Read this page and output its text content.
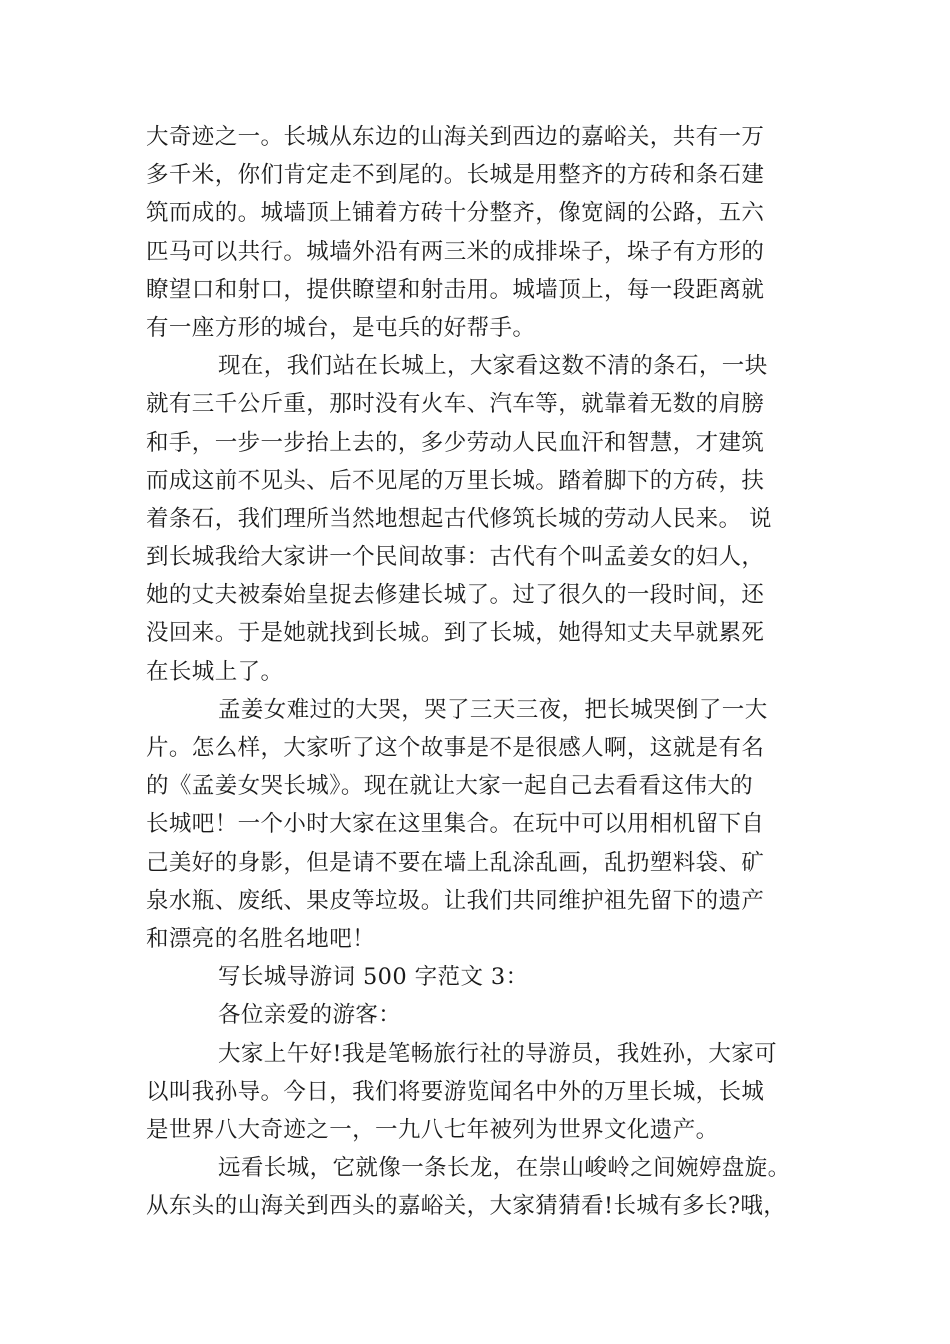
大奇迹之一。长城从东边的山海关到西边的嘉峪关，共有一万
多千米，你们肯定走不到尾的。长城是用整齐的方砖和条石建
筑而成的。城墙顶上铺着方砖十分整齐，像宽阔的公路，五六
匹马可以共行。城墙外沿有两三米的成排垛子，垛子有方形的
瞭望口和射口，提供瞭望和射击用。城墙顶上，每一段距离就
有一座方形的城台，是屯兵的好帮手。
现在，我们站在长城上，大家看这数不清的条石，一块
就有三千公斤重，那时没有火车、汽车等，就靠着无数的肩膀
和手，一步一步抬上去的，多少劳动人民血汗和智慧，才建筑
而成这前不见头、后不见尾的万里长城。踏着脚下的方砖，扶
着条石，我们理所当然地想起古代修筑长城的劳动人民来。 说
到长城我给大家讲一个民间故事：古代有个叫孟姜女的妇人，
她的丈夫被秦始皇捉去修建长城了。过了很久的一段时间，还
没回来。于是她就找到长城。到了长城，她得知丈夫早就累死
在长城上了。
孟姜女难过的大哭，哭了三天三夜，把长城哭倒了一大
片。怎么样，大家听了这个故事是不是很感人啊，这就是有名
的《孟姜女哭长城》。现在就让大家一起自己去看看这伟大的
长城吧！一个小时大家在这里集合。在玩中可以用相机留下自
己美好的身影，但是请不要在墙上乱涂乱画，乱扔塑料袋、矿
泉水瓶、废纸、果皮等垃圾。让我们共同维护祖先留下的遗产
和漂亮的名胜名地吧！
写长城导游词 500 字范文 3：
各位亲爱的游客：
大家上午好!我是笔畅旅行社的导游员，我姓孙，大家可
以叫我孙导。今日，我们将要游览闻名中外的万里长城，长城
是世界八大奇迹之一，一九八七年被列为世界文化遗产。
远看长城，它就像一条长龙，在崇山峻岭之间婉婷盘旋。
从东头的山海关到西头的嘉峪关，大家猜猜看!长城有多长?哦，
